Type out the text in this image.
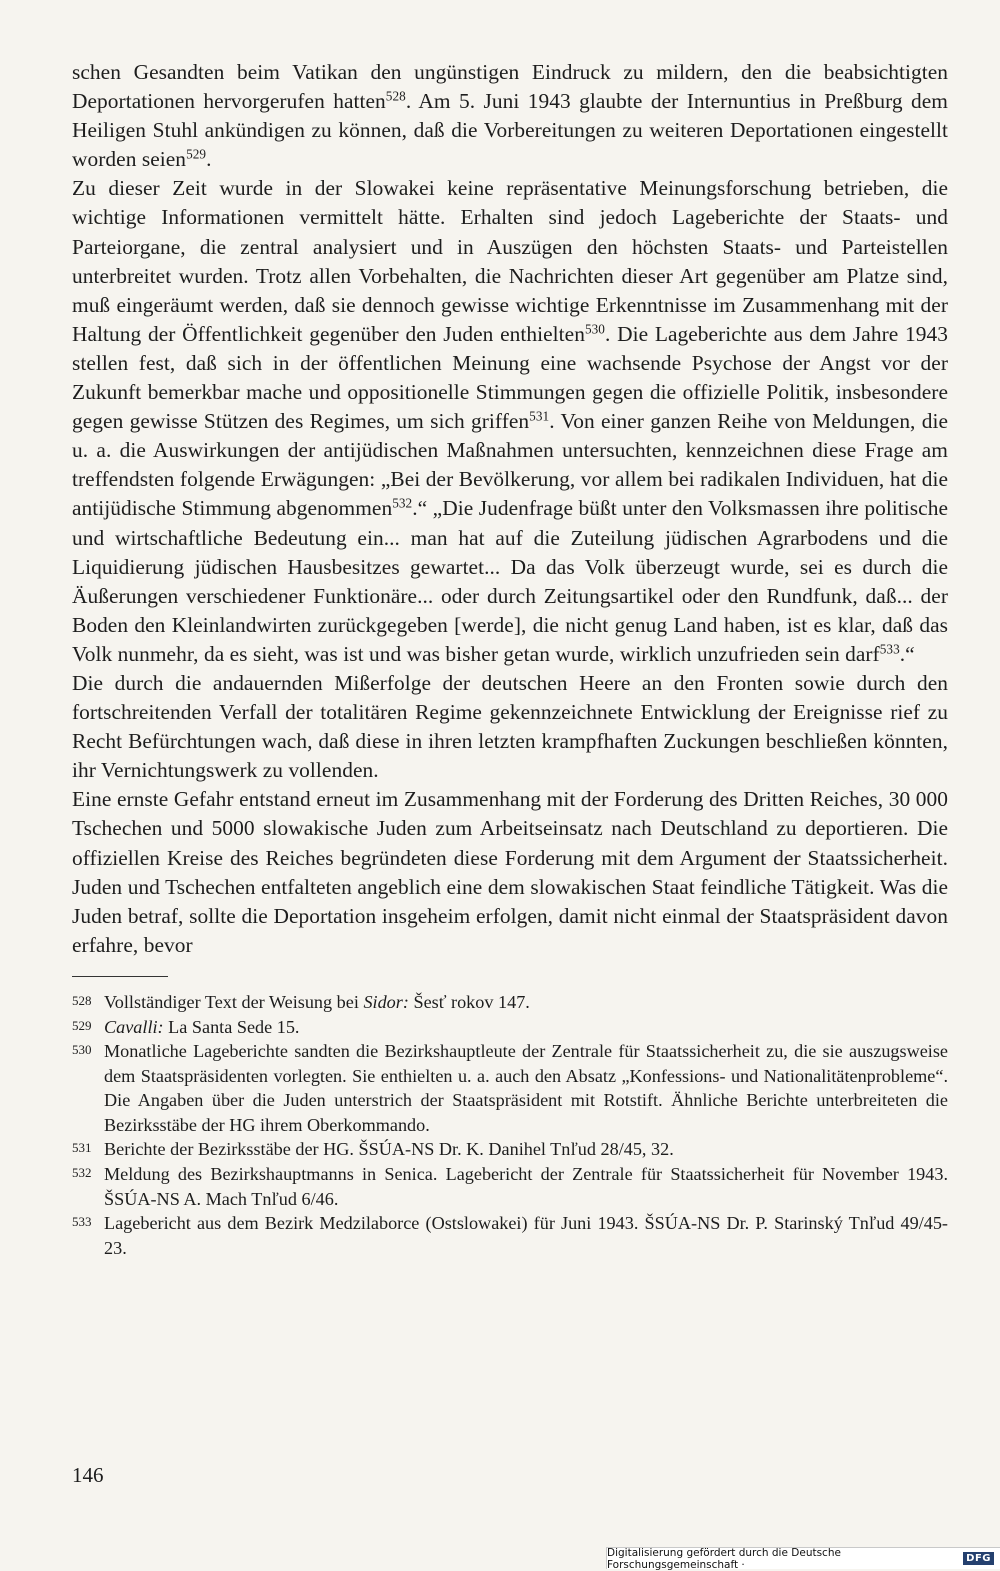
schen Gesandten beim Vatikan den ungünstigen Eindruck zu mildern, den die beabsichtigten Deportationen hervorgerufen hatten$^{528}$. Am 5. Juni 1943 glaubte der Internuntius in Preßburg dem Heiligen Stuhl ankündigen zu können, daß die Vorbereitungen zu weiteren Deportationen eingestellt worden seien$^{529}$.

Zu dieser Zeit wurde in der Slowakei keine repräsentative Meinungsforschung betrieben, die wichtige Informationen vermittelt hätte. Erhalten sind jedoch Lageberichte der Staats- und Parteiorgane, die zentral analysiert und in Auszügen den höchsten Staats- und Parteistellen unterbreitet wurden. Trotz allen Vorbehalten, die Nachrichten dieser Art gegenüber am Platze sind, muß eingeräumt werden, daß sie dennoch gewisse wichtige Erkenntnisse im Zusammenhang mit der Haltung der Öffentlichkeit gegenüber den Juden enthielten$^{530}$. Die Lageberichte aus dem Jahre 1943 stellen fest, daß sich in der öffentlichen Meinung eine wachsende Psychose der Angst vor der Zukunft bemerkbar mache und oppositionelle Stimmungen gegen die offizielle Politik, insbesondere gegen gewisse Stützen des Regimes, um sich griffen$^{531}$. Von einer ganzen Reihe von Meldungen, die u. a. die Auswirkungen der antijüdischen Maßnahmen untersuchten, kennzeichnen diese Frage am treffendsten folgende Erwägungen: „Bei der Bevölkerung, vor allem bei radikalen Individuen, hat die antijüdische Stimmung abgenommen$^{532}$.“ „Die Judenfrage büßt unter den Volksmassen ihre politische und wirtschaftliche Bedeutung ein... man hat auf die Zuteilung jüdischen Agrarbodens und die Liquidierung jüdischen Hausbesitzes gewartet... Da das Volk überzeugt wurde, sei es durch die Äußerungen verschiedener Funktionäre... oder durch Zeitungsartikel oder den Rundfunk, daß... der Boden den Kleinlandwirten zurückgegeben [werde], die nicht genug Land haben, ist es klar, daß das Volk nunmehr, da es sieht, was ist und was bisher getan wurde, wirklich unzufrieden sein darf$^{533}$.“

Die durch die andauernden Mißerfolge der deutschen Heere an den Fronten sowie durch den fortschreitenden Verfall der totalitären Regime gekennzeichnete Entwicklung der Ereignisse rief zu Recht Befürchtungen wach, daß diese in ihren letzten krampfhaften Zuckungen beschließen könnten, ihr Vernichtungswerk zu vollenden.

Eine ernste Gefahr entstand erneut im Zusammenhang mit der Forderung des Dritten Reiches, 30 000 Tschechen und 5000 slowakische Juden zum Arbeitseinsatz nach Deutschland zu deportieren. Die offiziellen Kreise des Reiches begründeten diese Forderung mit dem Argument der Staatssicherheit. Juden und Tschechen entfalteten angeblich eine dem slowakischen Staat feindliche Tätigkeit. Was die Juden betraf, sollte die Deportation insgeheim erfolgen, damit nicht einmal der Staatspräsident davon erfahre, bevor

528 Vollständiger Text der Weisung bei Sidor: Šesť rokov 147.
529 Cavalli: La Santa Sede 15.
530 Monatliche Lageberichte sandten die Bezirkshauptleute der Zentrale für Staatssicherheit zu, die sie auszugsweise dem Staatspräsidenten vorlegten. Sie enthielten u. a. auch den Absatz „Konfessions- und Nationalitätenprobleme“. Die Angaben über die Juden unterstrich der Staatspräsident mit Rotstift. Ähnliche Berichte unterbreiteten die Bezirksstäbe der HG ihrem Oberkommando.
531 Berichte der Bezirksstäbe der HG. ŠSÚA-NS Dr. K. Danihel Tnľud 28/45, 32.
532 Meldung des Bezirkshauptmanns in Senica. Lagebericht der Zentrale für Staatssicherheit für November 1943. ŠSÚA-NS A. Mach Tnľud 6/46.
533 Lagebericht aus dem Bezirk Medzilaborce (Ostslowakei) für Juni 1943. ŠSÚA-NS Dr. P. Starinský Tnľud 49/45-23.
146
Digitalisierung gefördert durch die Deutsche Forschungsgemeinschaft ·	DFG
